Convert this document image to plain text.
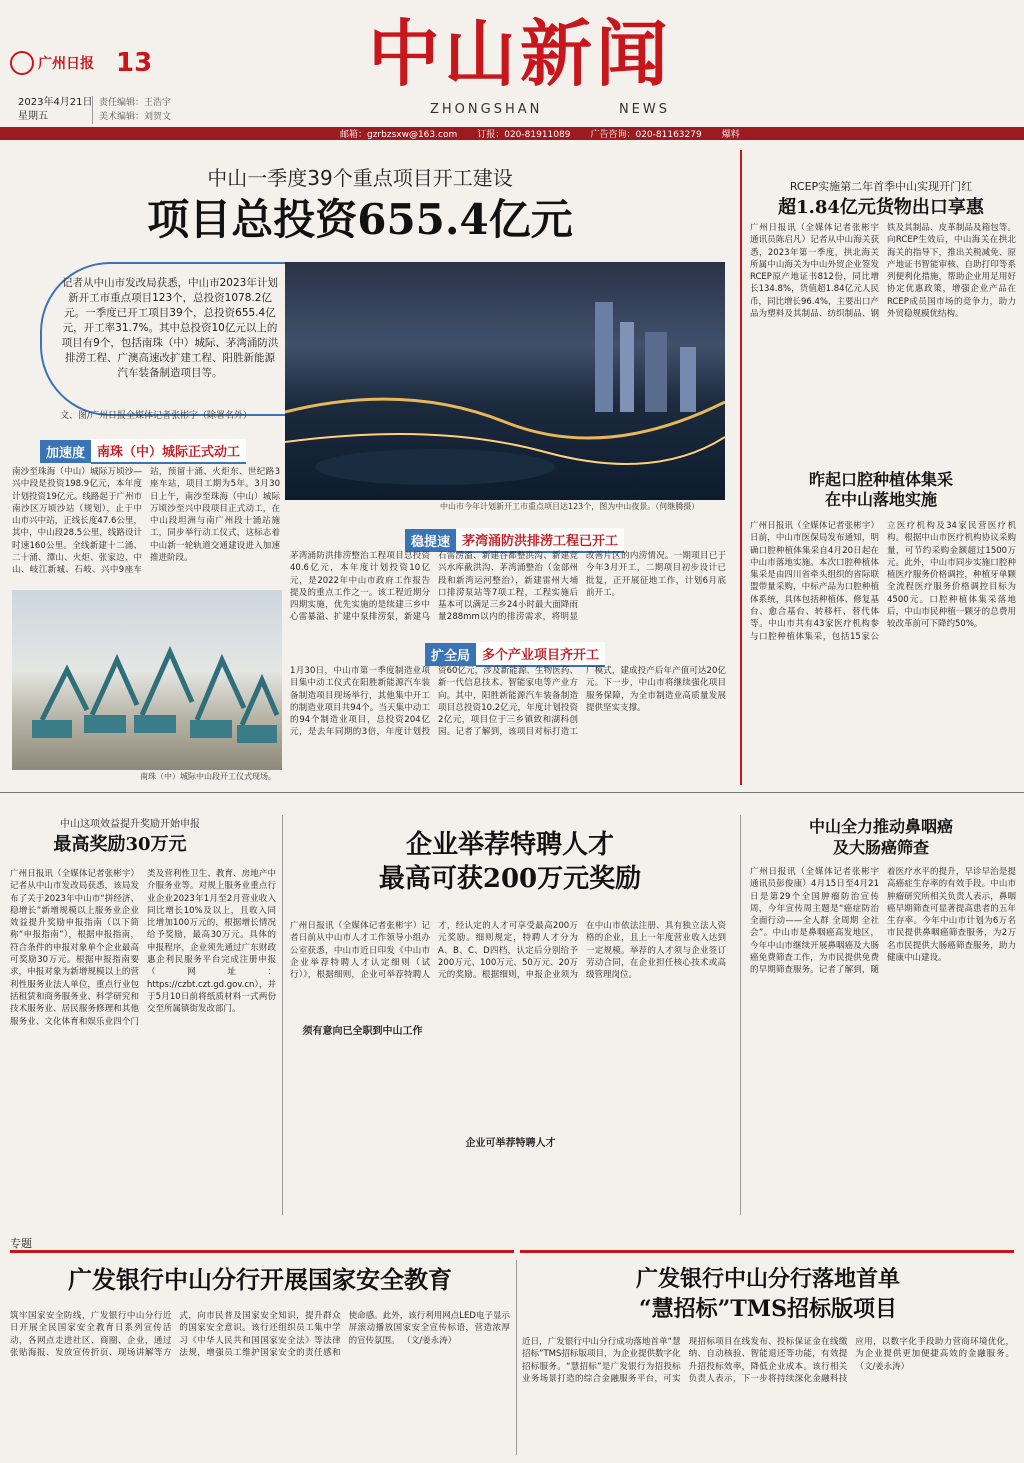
广州日报 13	中山新闻
ZHONGSHAN	NEWS
2023年4月21日
星期五
责任编辑：王浩宇
美术编辑：刘贺文
邮箱：gzrbzsxw@163.com 订报：020-81911089 广告咨询：020-81163279 爆料
中山一季度39个重点项目开工建设
项目总投资655.4亿元
记者从中山市发改局获悉，中山市2023年计划新开工市重点项目123个，总投资1078.2亿元。一季度已开工项目39个，总投资655.4亿元，开工率31.7%。其中总投资10亿元以上的项目有9个，包括南珠（中）城际、茅湾涌防洪排涝工程、广澳高速改扩建工程、阳胜新能源汽车装备制造项目等。
文、图/广州日报全媒体记者张彬宇（除署名外）
中山市今年计划新开工市重点项目达123个，图为中山夜景。（何继腾摄）
加速度 南珠（中）城际正式动工
南沙至珠海（中山）城际万顷沙—兴中段是投资198.9亿元，本年度计划投资19亿元。线路起于广州市南沙区万顷沙站（规划），止于中山市兴中站，正线长度47.6公里，其中，中山段28.5公里，线路设计时速160公里。全线新建十二涌、二十涌、潭山、火炬、张家边、中山、岐江新城、石岐、兴中9座车站，预留十涌、火炬东、世纪路3座车站，项目工期为5年。3月30日上午，南沙至珠海（中山）城际万顷沙至兴中段项目正式动工，在中山段坦洲与南广州段十涌站施工，同步举行动工仪式，这标志着中山新一轮轨道交通建设进入加速推进阶段。
南珠（中）城际中山段开工仪式现场。
稳提速 茅湾涌防洪排涝工程已开工
茅湾涌防洪排涝整治工程项目总投资40.6亿元，本年度计划投资10亿元，是2022年中山市政府工作报告提及的重点工作之一。该工程近期分四期实施，优先实施的是续建三乡中心雷暴溢、扩建中泵排涝泵，新建乌石雷涝溢、新建谷都整洪沟、新建竞兴水库截洪沟、茅湾涌整治（金部州段和新湾运河整治），新建雷州大埔口排涝泵站等7项工程，工程实施后基本可以满足三乡24小时最大面降雨量288mm以内的排涝需求，将明显改善片区的内涝情况。一期项目已于今年3月开工，二期项目初步设计已批复，正开展征地工作，计划6月底前开工。
扩全局 多个产业项目齐开工
1月30日，中山市第一季度制造业项目集中动工仪式在阳胜新能源汽车装备制造项目现场举行，其他集中开工的制造业项目共94个。当天集中动工的94个制造业项目，总投资204亿元，是去年同期的3倍，年度计划投资60亿元，涉及新能源、生物医药、新一代信息技术、智能家电等产业方向。其中，阳胜新能源汽车装备制造项目总投资10.2亿元，年度计划投资2亿元，项目位于三乡镇致和湖科创园。记者了解到，该项目对标打造工厂模式，建成投产后年产值可达20亿元。下一步，中山市将继续强化项目服务保障，为全市制造业高质量发展提供坚实支撑。
RCEP实施第二年首季中山实现开门红
超1.84亿元货物出口享惠
广州日报讯（全媒体记者张彬宇 通讯员陈启凡）记者从中山海关获悉，2023年第一季度，拱北海关所属中山海关为中山外贸企业签发RCEP原产地证书812份，同比增长134.8%，货值超1.84亿元人民币，同比增长96.4%，主要出口产品为塑料及其制品、纺织制品、钢铁及其制品、皮革制品及箱包等。向RCEP生效后，中山海关在拱北海关的指导下，推出关税减免、原产地证书智能审核、自助打印等系列便利化措施，帮助企业用足用好协定优惠政策，增强企业产品在RCEP成员国市场的竞争力，助力外贸稳规模优结构。
昨起口腔种植体集采
在中山落地实施
广州日报讯（全媒体记者张彬宇）日前，中山市医保局发布通知，明确口腔种植体集采自4月20日起在中山市落地实施。本次口腔种植体集采是由四川省牵头组织的省际联盟带量采购，中标产品为口腔种植体系统，具体包括种植体、修复基台、愈合基台、转移杆、替代体等。中山市共有43家医疗机构参与口腔种植体集采，包括15家公立医疗机构及34家民营医疗机构。根据中山市医疗机构协议采购量，可节约采购金额超过1500万元。此外，中山市同步实施口腔种植医疗服务价格调控，种植牙单颗全流程医疗服务价格调控目标为4500元。口腔种植体集采落地后，中山市民种植一颗牙的总费用较改革前可下降约50%。
中山这项效益提升奖励开始申报
最高奖励30万元
广州日报讯（全媒体记者张彬宇）记者从中山市发改局获悉，该局发布了关于2023年中山市“拼经济、稳增长”新增规模以上服务业企业效益提升奖励申报指南（以下简称“申报指南”），根据申报指南，符合条件的申报对象单个企业最高可奖励30万元。根据申报指南要求，申报对象为新增规模以上的营利性服务业法人单位，重点行业包括租赁和商务服务业、科学研究和技术服务业、居民服务修理和其他服务业、文化体育和娱乐业四个门类及营利性卫生、教育、房地产中介服务业等。对规上服务业重点行业企业2023年1月至2月营业收入同比增长10%及以上，且收入同比增加100万元的，根据增长情况给予奖励，最高30万元。具体的申报程序，企业须先通过广东财政惠企利民服务平台完成注册申报（网址：https://czbt.czt.gd.gov.cn），并于5月10日前将纸质材料一式两份交至所属镇街发改部门。
企业举荐特聘人才
最高可获200万元奖励
广州日报讯（全媒体记者张彬宇）记者日前从中山市人才工作领导小组办公室获悉，中山市近日印发《中山市企业举荐特聘人才认定细则（试行）》，根据细则，企业可举荐特聘人才，经认定的人才可享受最高200万元奖励。细则规定，特聘人才分为A、B、C、D四档，认定后分别给予200万元、100万元、50万元、20万元的奖励。根据细则，申报企业须为在中山市依法注册、具有独立法人资格的企业，且上一年度营业收入达到一定规模。举荐的人才须与企业签订劳动合同，在企业担任核心技术或高级管理岗位。
须有意向已全职到中山工作
企业可举荐特聘人才
中山全力推动鼻咽癌
及大肠癌筛查
广州日报讯（全媒体记者张彬宇 通讯员彭俊康）4月15日至4月21日是第29个全国肿瘤防治宣传周，今年宣传周主题是“癌症防治 全面行动——全人群 全周期 全社会”。中山市是鼻咽癌高发地区，今年中山市继续开展鼻咽癌及大肠癌免费筛查工作，为市民提供免费的早期筛查服务。记者了解到，随着医疗水平的提升，早诊早治是提高癌症生存率的有效手段。中山市肿瘤研究所相关负责人表示，鼻咽癌早期筛查可显著提高患者的五年生存率。今年中山市计划为6万名市民提供鼻咽癌筛查服务，为2万名市民提供大肠癌筛查服务，助力健康中山建设。
专题
广发银行中山分行开展国家安全教育
筑牢国家安全防线，广发银行中山分行近日开展全民国家安全教育日系列宣传活动，各网点走进社区、商圈、企业，通过张贴海报、发放宣传折页、现场讲解等方式，向市民普及国家安全知识，提升群众的国家安全意识。该行还组织员工集中学习《中华人民共和国国家安全法》等法律法规，增强员工维护国家安全的责任感和使命感。此外，该行利用网点LED电子显示屏滚动播放国家安全宣传标语，营造浓厚的宣传氛围。 （文/姜永涛）
广发银行中山分行落地首单
“慧招标”TMS招标版项目
近日，广发银行中山分行成功落地首单“慧招标”TMS招标版项目，为企业提供数字化招标服务。“慧招标”是广发银行为招投标业务场景打造的综合金融服务平台，可实现招标项目在线发布、投标保证金在线缴纳、自动核验、智能退还等功能，有效提升招投标效率，降低企业成本。该行相关负责人表示，下一步将持续深化金融科技应用，以数字化手段助力营商环境优化，为企业提供更加便捷高效的金融服务。 （文/姜永涛）
